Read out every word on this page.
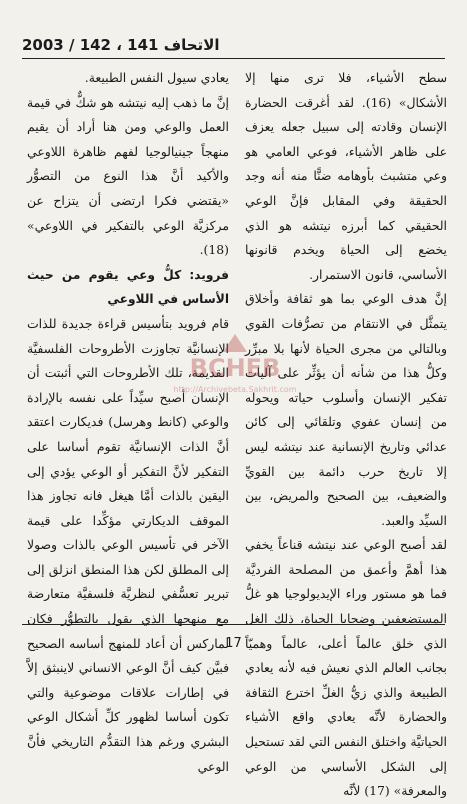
الاتحاف 141 ، 142 / 2003

سطح الأشياء، فلا ترى منها إلا الأشكال» (16). لقد أغرقت الحضارة الإنسان وقادته إلى سبيل جعله يعزف على ظاهر الأشياء، فوعي العامي هو وعي متشبث بأوهامه ضنًّا منه أنه وجد الحقيقة وفي المقابل فإنَّ الوعي الحقيقي كما أبرزه نيتشه هو الذي يخضع إلى الحياة ويخدم قانونها الأساسي، قانون الاستمرار.

إنَّ هدف الوعي بما هو ثقافة وأخلاق يتمثَّل في الانتقام من تصرُّفات القوي وبالتالي من مجرى الحياة لأنها بلا مبرِّر وكلُّ هذا من شأنه أن يؤثِّر على آليات تفكير الإنسان وأسلوب حياته ويحوله من إنسان عفوي وتلقائي إلى كائن عدائي وتاريخ الإنسانية عند نيتشه ليس إلا تاريخ حرب دائمة بين القويِّ والضعيف، بين الصحيح والمريض، بين السيِّد والعبد.

لقد أصبح الوعي عند نيتشه قناعاً يخفي هذا أهمَّ وأعمق من المصلحة الفرديَّة فما هو مستور وراء الإيديولوجيا هو غلُّ المستضعفين وضحايا الحياة، ذلك الغل الذي خلق عالماً أعلى، عالماً وهميّاً بجانب العالم الذي نعيش فيه لأنه يعادي الطبيعة والذي زيُّ الغلِّ اخترع الثقافة والحضارة لأنَّه يعادي واقع الأشياء الحياتيَّة واختلق النفس التي لقد تستحيل إلى الشكل الأساسي من الوعي والمعرفة» (17) لأنَّه

يعادي سيول النفس الطبيعة.

إنَّ ما ذهب إليه نيتشه هو شكٌّ في قيمة العمل والوعي ومن هنا أراد أن يقيم منهجاً جينيالوجيا لفهم ظاهرة اللاوعي والأكيد أنَّ هذا النوع من التصوُّر «يقتضي فكرا ارتضى أن يتزاح عن مركزيَّة الوعي بالتفكير في اللاوعي» (18).

فرويد: كلُّ وعي يقوم من حيث الأساس في اللاوعي

قام فرويد بتأسيس قراءة جديدة للذات الإنسانيَّة تجاوزت الأطروحات الفلسفيَّة القديمة، تلك الأطروحات التي أثبتت أن الإنسان أصبح سيِّداً على نفسه بالإرادة والوعي (كانط وهرسل) فديكارت اعتقد أنَّ الذات الإنسانيَّة تقوم أساسا على التفكير لأنَّ التفكير أو الوعي يؤدي إلى اليقين بالذات أمَّا هيغل فانه تجاوز هذا الموقف الديكارتي مؤكِّدا على قيمة الآخر في تأسيس الوعي بالذات وصولا إلى المطلق لكن هذا المنطق انزلق إلى تبرير تعسُّفي لنظريَّة فلسفيَّة متعارضة مع منهجها الذي يقول بالتطوُّر فكان لماركس أن أعاد للمنهج أساسه الصحيح فبيَّن كيف أنَّ الوعي الانساني لاينبثق إلاَّ في إطارات علاقات موضوعية والتي تكون أساسا لظهور كلِّ أشكال الوعي البشري ورغم هذا التقدُّم التاريخي فأنَّ الوعي

BCHEB
http://Archivebeta.Sakhrit.com
17
